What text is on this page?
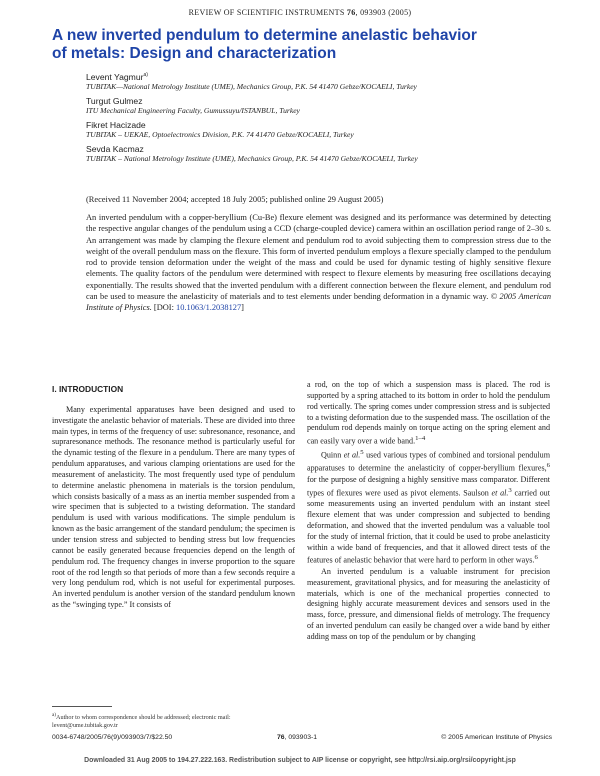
REVIEW OF SCIENTIFIC INSTRUMENTS 76, 093903 (2005)
A new inverted pendulum to determine anelastic behavior
of metals: Design and characterization
Levent Yagmur$^{a)}$
TUBITAK—National Metrology Institute (UME), Mechanics Group, P.K. 54 41470 Gebze/KOCAELI, Turkey
Turgut Gulmez
ITU Mechanical Engineering Faculty, Gumussuyu/ISTANBUL, Turkey
Fikret Hacizade
TUBITAK – UEKAE, Optoelectronics Division, P.K. 74 41470 Gebze/KOCAELI, Turkey
Sevda Kacmaz
TUBITAK – National Metrology Institute (UME), Mechanics Group, P.K. 54 41470 Gebze/KOCAELI, Turkey
(Received 11 November 2004; accepted 18 July 2005; published online 29 August 2005)
An inverted pendulum with a copper-beryllium (Cu-Be) flexure element was designed and its performance was determined by detecting the respective angular changes of the pendulum using a CCD (charge-coupled device) camera within an oscillation period range of 2–30 s. An arrangement was made by clamping the flexure element and pendulum rod to avoid subjecting them to compression stress due to the weight of the overall pendulum mass on the flexure. This form of inverted pendulum employs a flexure specially clamped to the pendulum rod to provide tension deformation under the weight of the mass and could be used for dynamic testing of highly sensitive flexure elements. The quality factors of the pendulum were determined with respect to flexure elements by measuring free oscillations decaying exponentially. The results showed that the inverted pendulum with a different connection between the flexure element, and pendulum rod can be used to measure the anelasticity of materials and to test elements under bending deformation in a dynamic way. © 2005 American Institute of Physics. [DOI: 10.1063/1.2038127]
I. INTRODUCTION

Many experimental apparatuses have been designed and used to investigate the anelastic behavior of materials. These are divided into three main types, in terms of the frequency of use: subresonance, resonance, and supraresonance methods. The resonance method is particularly useful for the dynamic testing of the flexure in a pendulum. There are many types of pendulum apparatuses, and various clamping orientations are used for the measurement of anelasticity. The most frequently used type of pendulum to determine anelastic phenomena in materials is the torsion pendulum, which consists basically of a mass as an inertia member suspended from a wire specimen that is subjected to a twisting deformation. The standard pendulum is used with various modifications. The simple pendulum is known as the basic arrangement of the standard pendulum; the specimen is under tension stress and subjected to bending stress but low frequencies cannot be easily generated because frequencies depend on the length of pendulum rod. The frequency changes in inverse proportion to the square root of the rod length so that periods of more than a few seconds require a very long pendulum rod, which is not useful for experimental purposes. An inverted pendulum is another version of the standard pendulum known as the “swinging type.” It consists of

a rod, on the top of which a suspension mass is placed. The rod is supported by a spring attached to its bottom in order to hold the pendulum rod vertically. The spring comes under compression stress and is subjected to a twisting deformation due to the suspended mass. The oscillation of the pendulum rod depends mainly on torque acting on the spring element and can easily vary over a wide band.$^{1-4}$

Quinn et al.$^5$ used various types of combined and torsional pendulum apparatuses to determine the anelasticity of copper-beryllium flexures,$^6$ for the purpose of designing a highly sensitive mass comparator. Different types of flexures were used as pivot elements. Saulson et al.$^3$ carried out some measurements using an inverted pendulum with an instant steel flexure element that was under compression and subjected to bending deformation, and showed that the inverted pendulum was a valuable tool for the study of internal friction, that it could be used to probe anelasticity within a wide band of frequencies, and that it allowed direct tests of the features of anelastic behavior that were hard to perform in other ways.$^6$

An inverted pendulum is a valuable instrument for precision measurement, gravitational physics, and for measuring the anelasticity of materials, which is one of the mechanical properties connected to designing highly accurate measurement devices and sensors used in the mass, force, pressure, and dimensional fields of metrology. The frequency of an inverted pendulum can easily be changed over a wide band by either adding mass on top of the pendulum or by changing

$^{a)}$Author to whom correspondence should be addressed; electronic mail: levent@ume.tubitak.gov.tr
0034-6748/2005/76(9)/093903/7/$22.50	76, 093903-1	© 2005 American Institute of Physics
Downloaded 31 Aug 2005 to 194.27.222.163. Redistribution subject to AIP license or copyright, see http://rsi.aip.org/rsi/copyright.jsp
